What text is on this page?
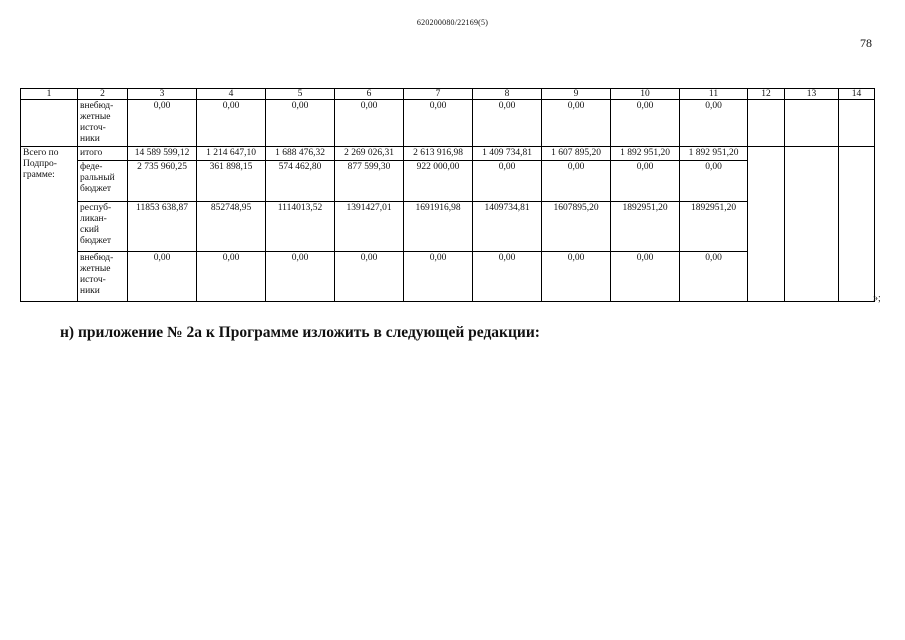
620200080/22169(5)
78
1	2	3	4	5	6	7	8	9	10	11	12	13	14
	внебюд-
жетные
источ-
ники	0,00	0,00	0,00	0,00	0,00	0,00	0,00	0,00	0,00			
Всего по
Подпро-
грамме:	итого	14 589 599,12	1 214 647,10	1 688 476,32	2 269 026,31	2 613 916,98	1 409 734,81	1 607 895,20	1 892 951,20	1 892 951,20			
	феде-
ральный
бюджет	2 735 960,25	361 898,15	574 462,80	877 599,30	922 000,00	0,00	0,00	0,00	0,00			
	респуб-
ликан-
ский
бюджет	11853 638,87	852748,95	1114013,52	1391427,01	1691916,98	1409734,81	1607895,20	1892951,20	1892951,20			
	внебюд-
жетные
источ-
ники	0,00	0,00	0,00	0,00	0,00	0,00	0,00	0,00	0,00			
»;
н) приложение № 2а к Программе изложить в следующей редакции:
